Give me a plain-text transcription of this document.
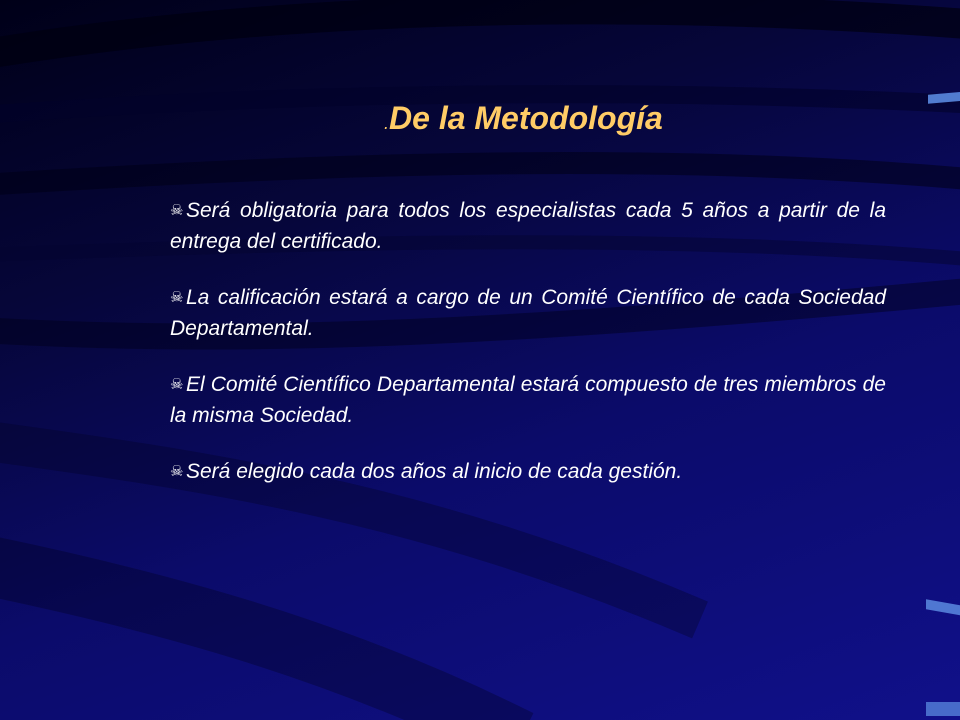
.De la Metodología

☠ Será obligatoria para todos los especialistas cada 5 años a partir de la entrega del certificado.

☠ La calificación estará a cargo de un Comité Científico de cada Sociedad Departamental.

☠ El Comité Científico Departamental estará compuesto de tres miembros de la misma Sociedad.

☠ Será elegido cada dos años al inicio de cada gestión.
